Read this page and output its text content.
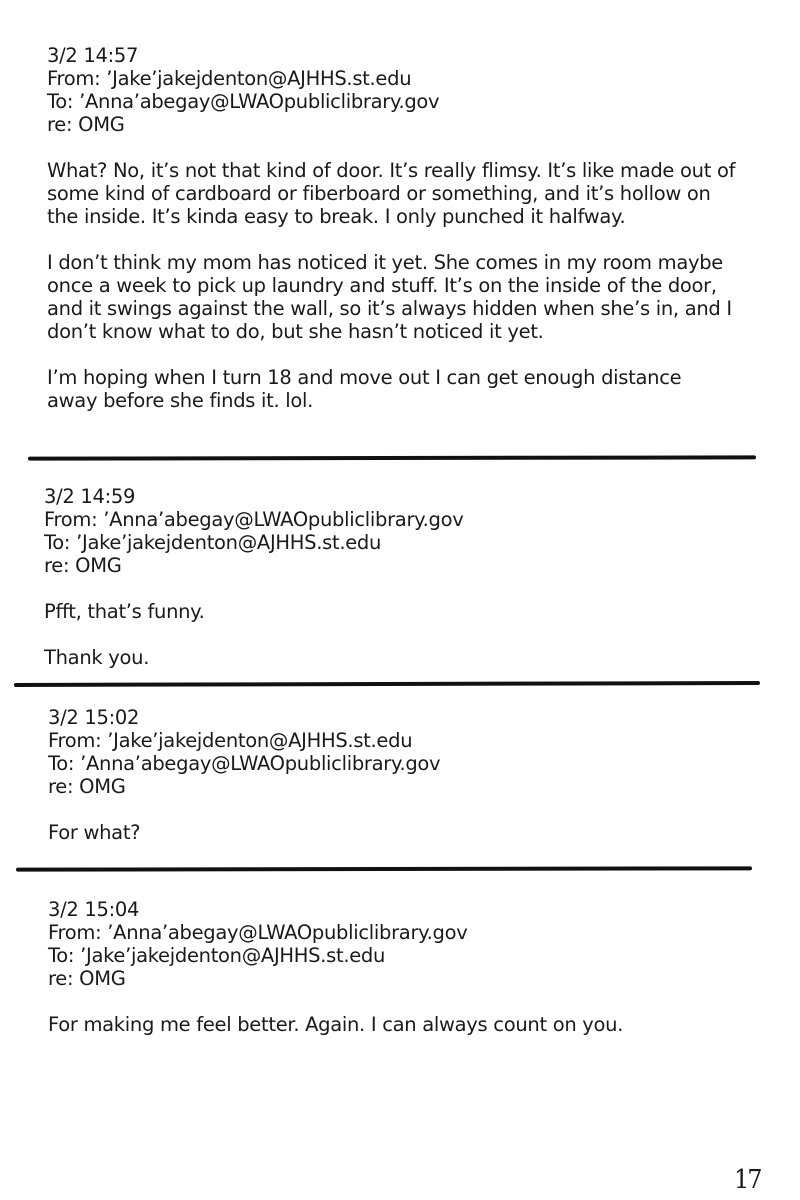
3/2 14:57
From: ’Jake’jakejdenton@AJHHS.st.edu
To: ’Anna’abegay@LWAOpubliclibrary.gov
re: OMG

What? No, it’s not that kind of door. It’s really flimsy. It’s like made out of some kind of cardboard or fiberboard or something, and it’s hollow on the inside. It’s kinda easy to break. I only punched it halfway.

I don’t think my mom has noticed it yet. She comes in my room maybe once a week to pick up laundry and stuff. It’s on the inside of the door, and it swings against the wall, so it’s always hidden when she’s in, and I don’t know what to do, but she hasn’t noticed it yet.

I’m hoping when I turn 18 and move out I can get enough distance away before she finds it. lol.

3/2 14:59
From: ’Anna’abegay@LWAOpubliclibrary.gov
To: ’Jake’jakejdenton@AJHHS.st.edu
re: OMG

Pfft, that’s funny.

Thank you.

3/2 15:02
From: ’Jake’jakejdenton@AJHHS.st.edu
To: ’Anna’abegay@LWAOpubliclibrary.gov
re: OMG

For what?

3/2 15:04
From: ’Anna’abegay@LWAOpubliclibrary.gov
To: ’Jake’jakejdenton@AJHHS.st.edu
re: OMG

For making me feel better. Again. I can always count on you.

17
